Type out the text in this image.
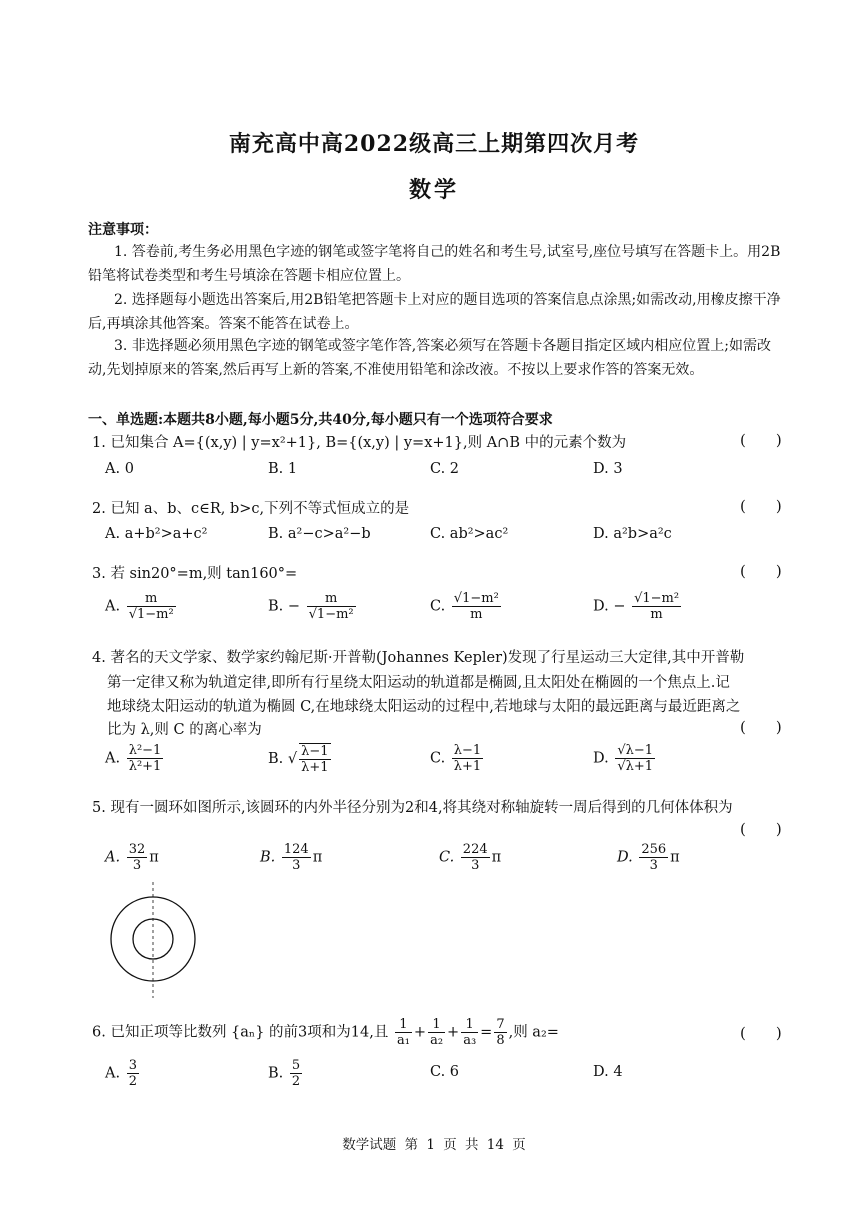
南充高中高2022级高三上期第四次月考
数学
注意事项：
1. 答卷前,考生务必用黑色字迹的钢笔或签字笔将自己的姓名和考生号,试室号,座位号填写在答题卡上。用2B铅笔将试卷类型和考生号填涂在答题卡相应位置上。
2. 选择题每小题选出答案后,用2B铅笔把答题卡上对应的题目选项的答案信息点涂黑;如需改动,用橡皮擦干净后,再填涂其他答案。答案不能答在试卷上。
3. 非选择题必须用黑色字迹的钢笔或签字笔作答,答案必须写在答题卡各题目指定区域内相应位置上;如需改动,先划掉原来的答案,然后再写上新的答案,不准使用铅笔和涂改液。不按以上要求作答的答案无效。
一、单选题:本题共8小题,每小题5分,共40分,每小题只有一个选项符合要求
1. 已知集合 A={(x,y) | y=x²+1}, B={(x,y) | y=x+1},则 A∩B 中的元素个数为	(  )
A. 0	B. 1	C. 2	D. 3
2. 已知 a、b、c∈R, b>c,下列不等式恒成立的是	(  )
A. a+b²>a+c²	B. a²−c>a²−b	C. ab²>ac²	D. a²b>a²c
3. 若 sin20°=m,则 tan160°=	(  )
A. $\frac{m}{\text{√1−m²}}$	B. − $\frac{m}{\text{√1−m²}}$	C. $\frac{\text{√1−m²}}{m}$	D. − $\frac{\text{√1−m²}}{m}$
4. 著名的天文学家、数学家约翰尼斯·开普勒(Johannes Kepler)发现了行星运动三大定律,其中开普勒
第一定律又称为轨道定律,即所有行星绕太阳运动的轨道都是椭圆,且太阳处在椭圆的一个焦点上.记
地球绕太阳运动的轨道为椭圆 C,在地球绕太阳运动的过程中,若地球与太阳的最远距离与最近距离之
比为 λ,则 C 的离心率为	(  )
A. $\frac{\text{λ²−1}}{\text{λ²+1}}$	B. √ $\frac{\lambda-1}{\lambda+1}$	C. $\frac{\lambda-1}{\lambda+1}$	D. $\frac{√\lambda-1}{√\lambda+1}$
5. 现有一圆环如图所示,该圆环的内外半径分别为2和4,将其绕对称轴旋转一周后得到的几何体体积为
(  )
A. $\frac{32}{3}$ π	B. $\frac{124}{3}$ π	C. $\frac{224}{3}$ π	D. $\frac{256}{3}$ π
6. 已知正项等比数列 {aₙ} 的前3项和为14,且 $\frac{1}{\text{a₁}} + \frac{1}{\text{a₂}} + \frac{1}{\text{a₃}} = \frac{7}{8}$ ,则 a₂=	(  )
A. $\frac{3}{2}$	B. $\frac{5}{2}$	C. 6	D. 4
数学试题 第 1 页 共 14 页
